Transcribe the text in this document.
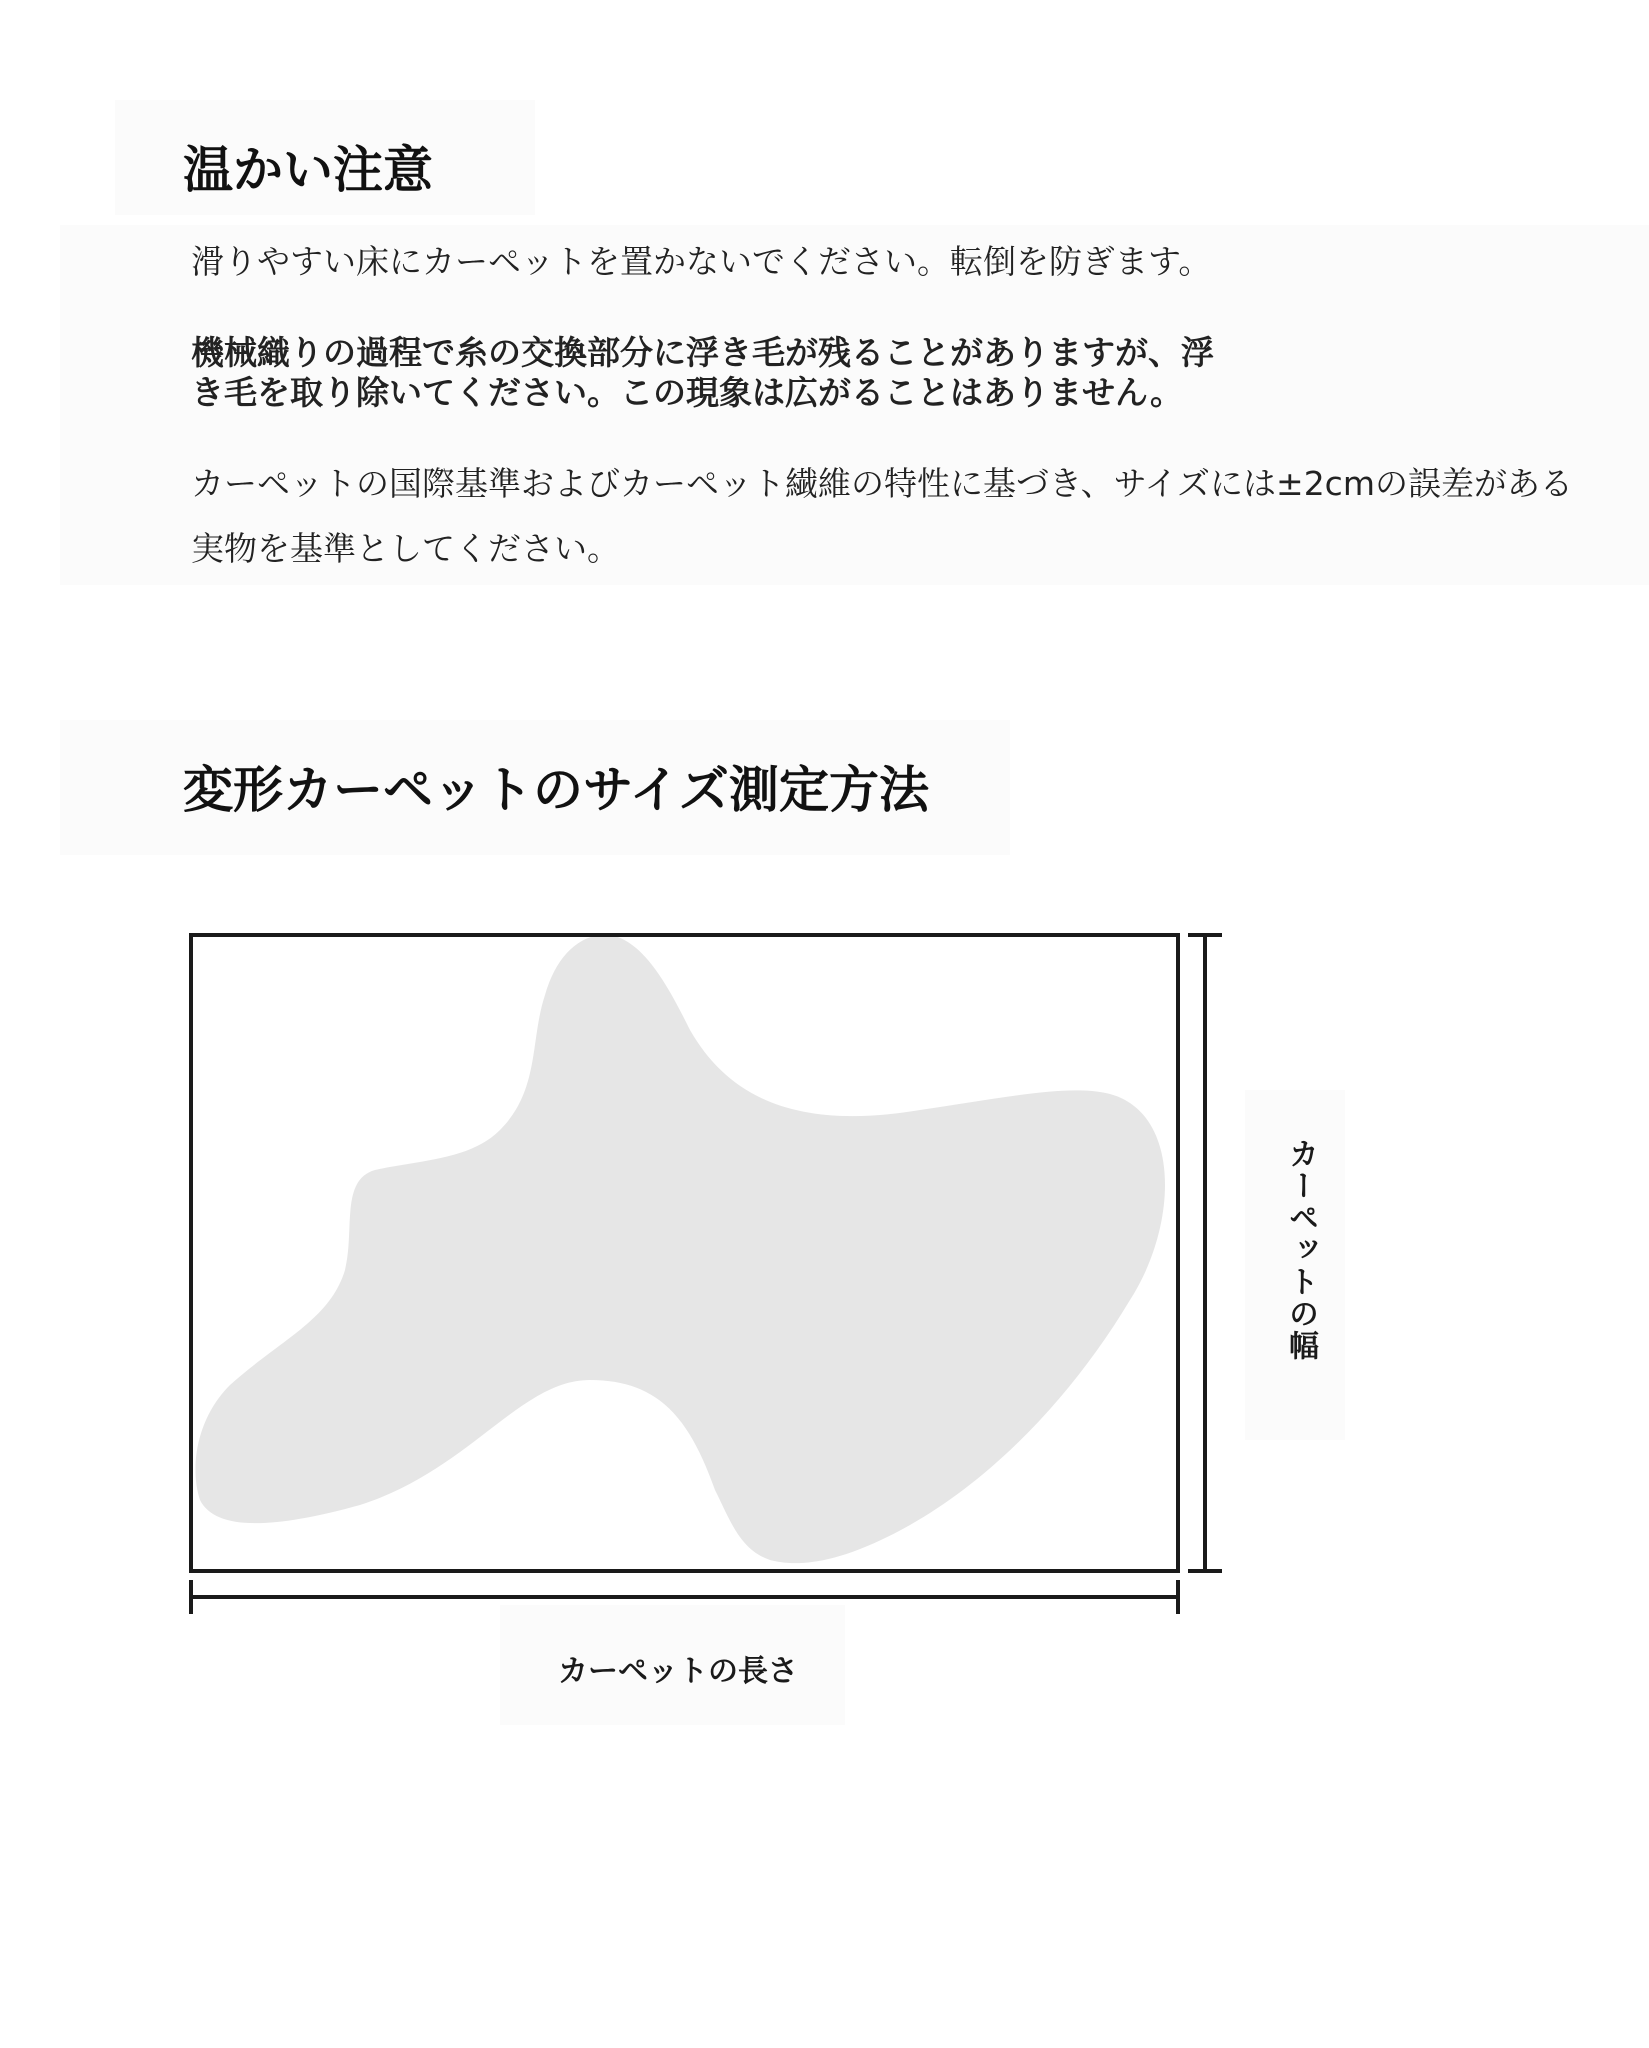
温かい注意

滑りやすい床にカーペットを置かないでください。転倒を防ぎます。

機械織りの過程で糸の交換部分に浮き毛が残ることがありますが、浮

き毛を取り除いてください。この現象は広がることはありません。

カーペットの国際基準およびカーペット繊維の特性に基づき、サイズには±2cmの誤差がある

実物を基準としてください。

変形カーペットのサイズ測定方法
カーペットの幅
カーペットの長さ
